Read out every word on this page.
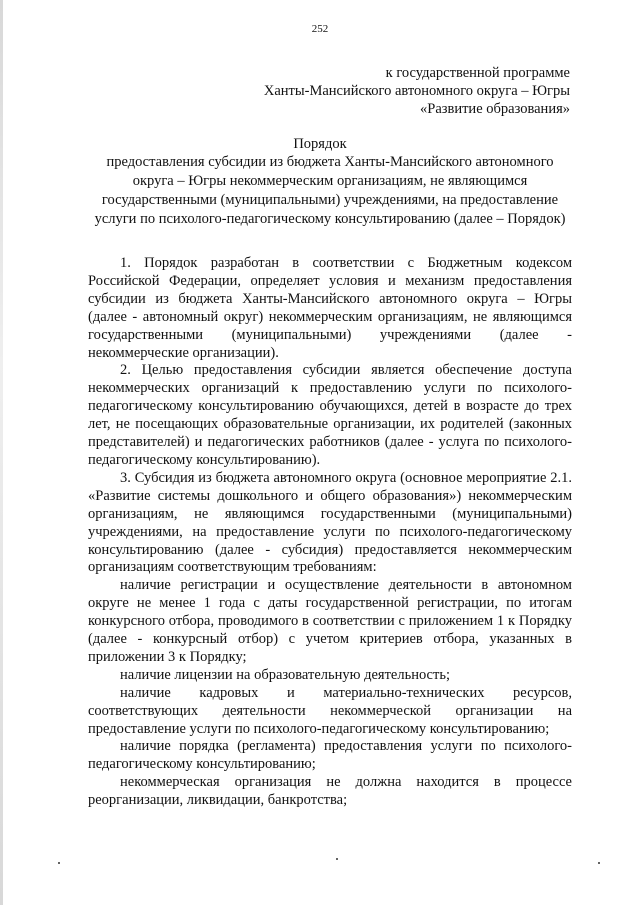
252
к государственной программе
Ханты-Мансийского автономного округа – Югры
«Развитие образования»
Порядок
предоставления субсидии из бюджета Ханты-Мансийского автономного округа – Югры некоммерческим организациям, не являющимся государственными (муниципальными) учреждениями, на предоставление услуги по психолого-педагогическому консультированию (далее – Порядок)

1. Порядок разработан в соответствии с Бюджетным кодексом Российской Федерации, определяет условия и механизм предоставления субсидии из бюджета Ханты-Мансийского автономного округа – Югры (далее - автономный округ) некоммерческим организациям, не являющимся государственными (муниципальными) учреждениями (далее - некоммерческие организации).

2. Целью предоставления субсидии является обеспечение доступа некоммерческих организаций к предоставлению услуги по психолого-педагогическому консультированию обучающихся, детей в возрасте до трех лет, не посещающих образовательные организации, их родителей (законных представителей) и педагогических работников (далее - услуга по психолого-педагогическому консультированию).

3. Субсидия из бюджета автономного округа (основное мероприятие 2.1. «Развитие системы дошкольного и общего образования») некоммерческим организациям, не являющимся государственными (муниципальными) учреждениями, на предоставление услуги по психолого-педагогическому консультированию (далее - субсидия) предоставляется некоммерческим организациям соответствующим требованиям:

наличие регистрации и осуществление деятельности в автономном округе не менее 1 года с даты государственной регистрации, по итогам конкурсного отбора, проводимого в соответствии с приложением 1 к Порядку (далее - конкурсный отбор) с учетом критериев отбора, указанных в приложении 3 к Порядку;

наличие лицензии на образовательную деятельность;

наличие кадровых и материально-технических ресурсов, соответствующих деятельности некоммерческой организации на предоставление услуги по психолого-педагогическому консультированию;

наличие порядка (регламента) предоставления услуги по психолого-педагогическому консультированию;

некоммерческая организация не должна находится в процессе реорганизации, ликвидации, банкротства;
